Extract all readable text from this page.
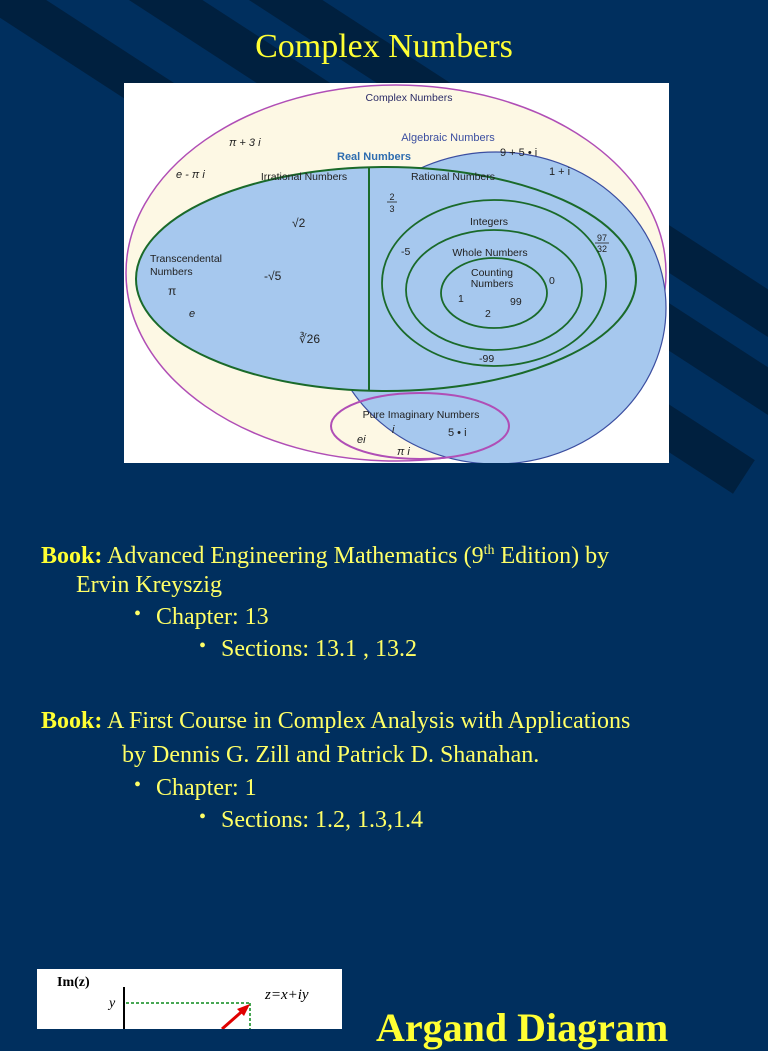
Complex Numbers
Complex Numbers
Algebraic Numbers
Real Numbers
Irrational Numbers	Rational Numbers
Transcendental
Numbers
Integers
Whole Numbers
Counting
Numbers
Pure Imaginary Numbers
π + 3 i
e - π i
9 + 5 • i
1 + i
2
3
√2
-√5
∛26
π
e
-5
0
1	99
2
-99
97
32
i	5 • i
ei
π i
Book: Advanced Engineering Mathematics (9th Edition) by
Ervin Kreyszig
• Chapter: 13
• Sections: 13.1 , 13.2
Book: A First Course in Complex Analysis with Applications
by Dennis G. Zill and Patrick D. Shanahan.
• Chapter: 1
• Sections: 1.2, 1.3,1.4
Im(z)
y
z=x+iy
Argand Diagram
